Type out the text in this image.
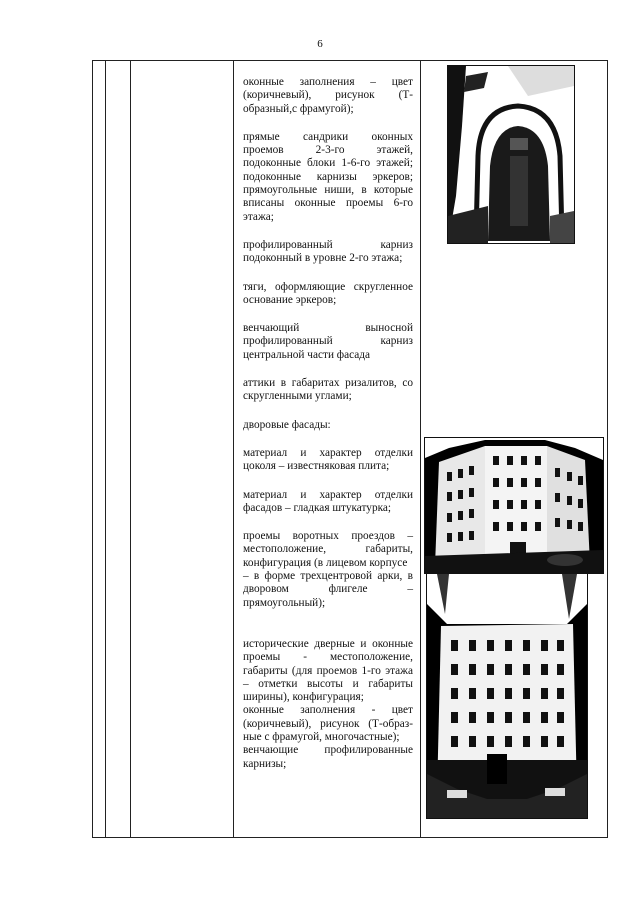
6

оконные заполнения – цвет (коричневый), рисунок (Т-образный,с фрамугой);

прямые сандрики оконных проемов 2-3-го этажей, подоконные блоки 1-6-го этажей; подоконные карнизы эркеров; прямоугольные ниши, в которые вписаны оконные проемы 6-го этажа;

профилированный карниз подоконный в уровне 2-го этажа;

тяги, оформляющие скругленное основание эркеров;

венчающий выносной профилированный карниз центральной части фасада

аттики в габаритах ризалитов, со скругленными углами;

дворовые фасады:

материал и характер отделки цоколя – известняковая плита;

материал и характер отделки фасадов – гладкая штукатурка;

проемы воротных проездов – местоположение, габариты, конфигурация (в лицевом корпусе

– в форме трехцентровой арки, в дворовом флигеле – прямоугольный);

исторические дверные и оконные проемы - местоположение, габариты (для проемов 1-го этажа – отметки высоты и габариты ширины), конфигурация;

оконные заполнения - цвет (коричневый), рисунок (Т-образ- ные с фрамугой, многочастные);

венчающие профилированные карнизы;
